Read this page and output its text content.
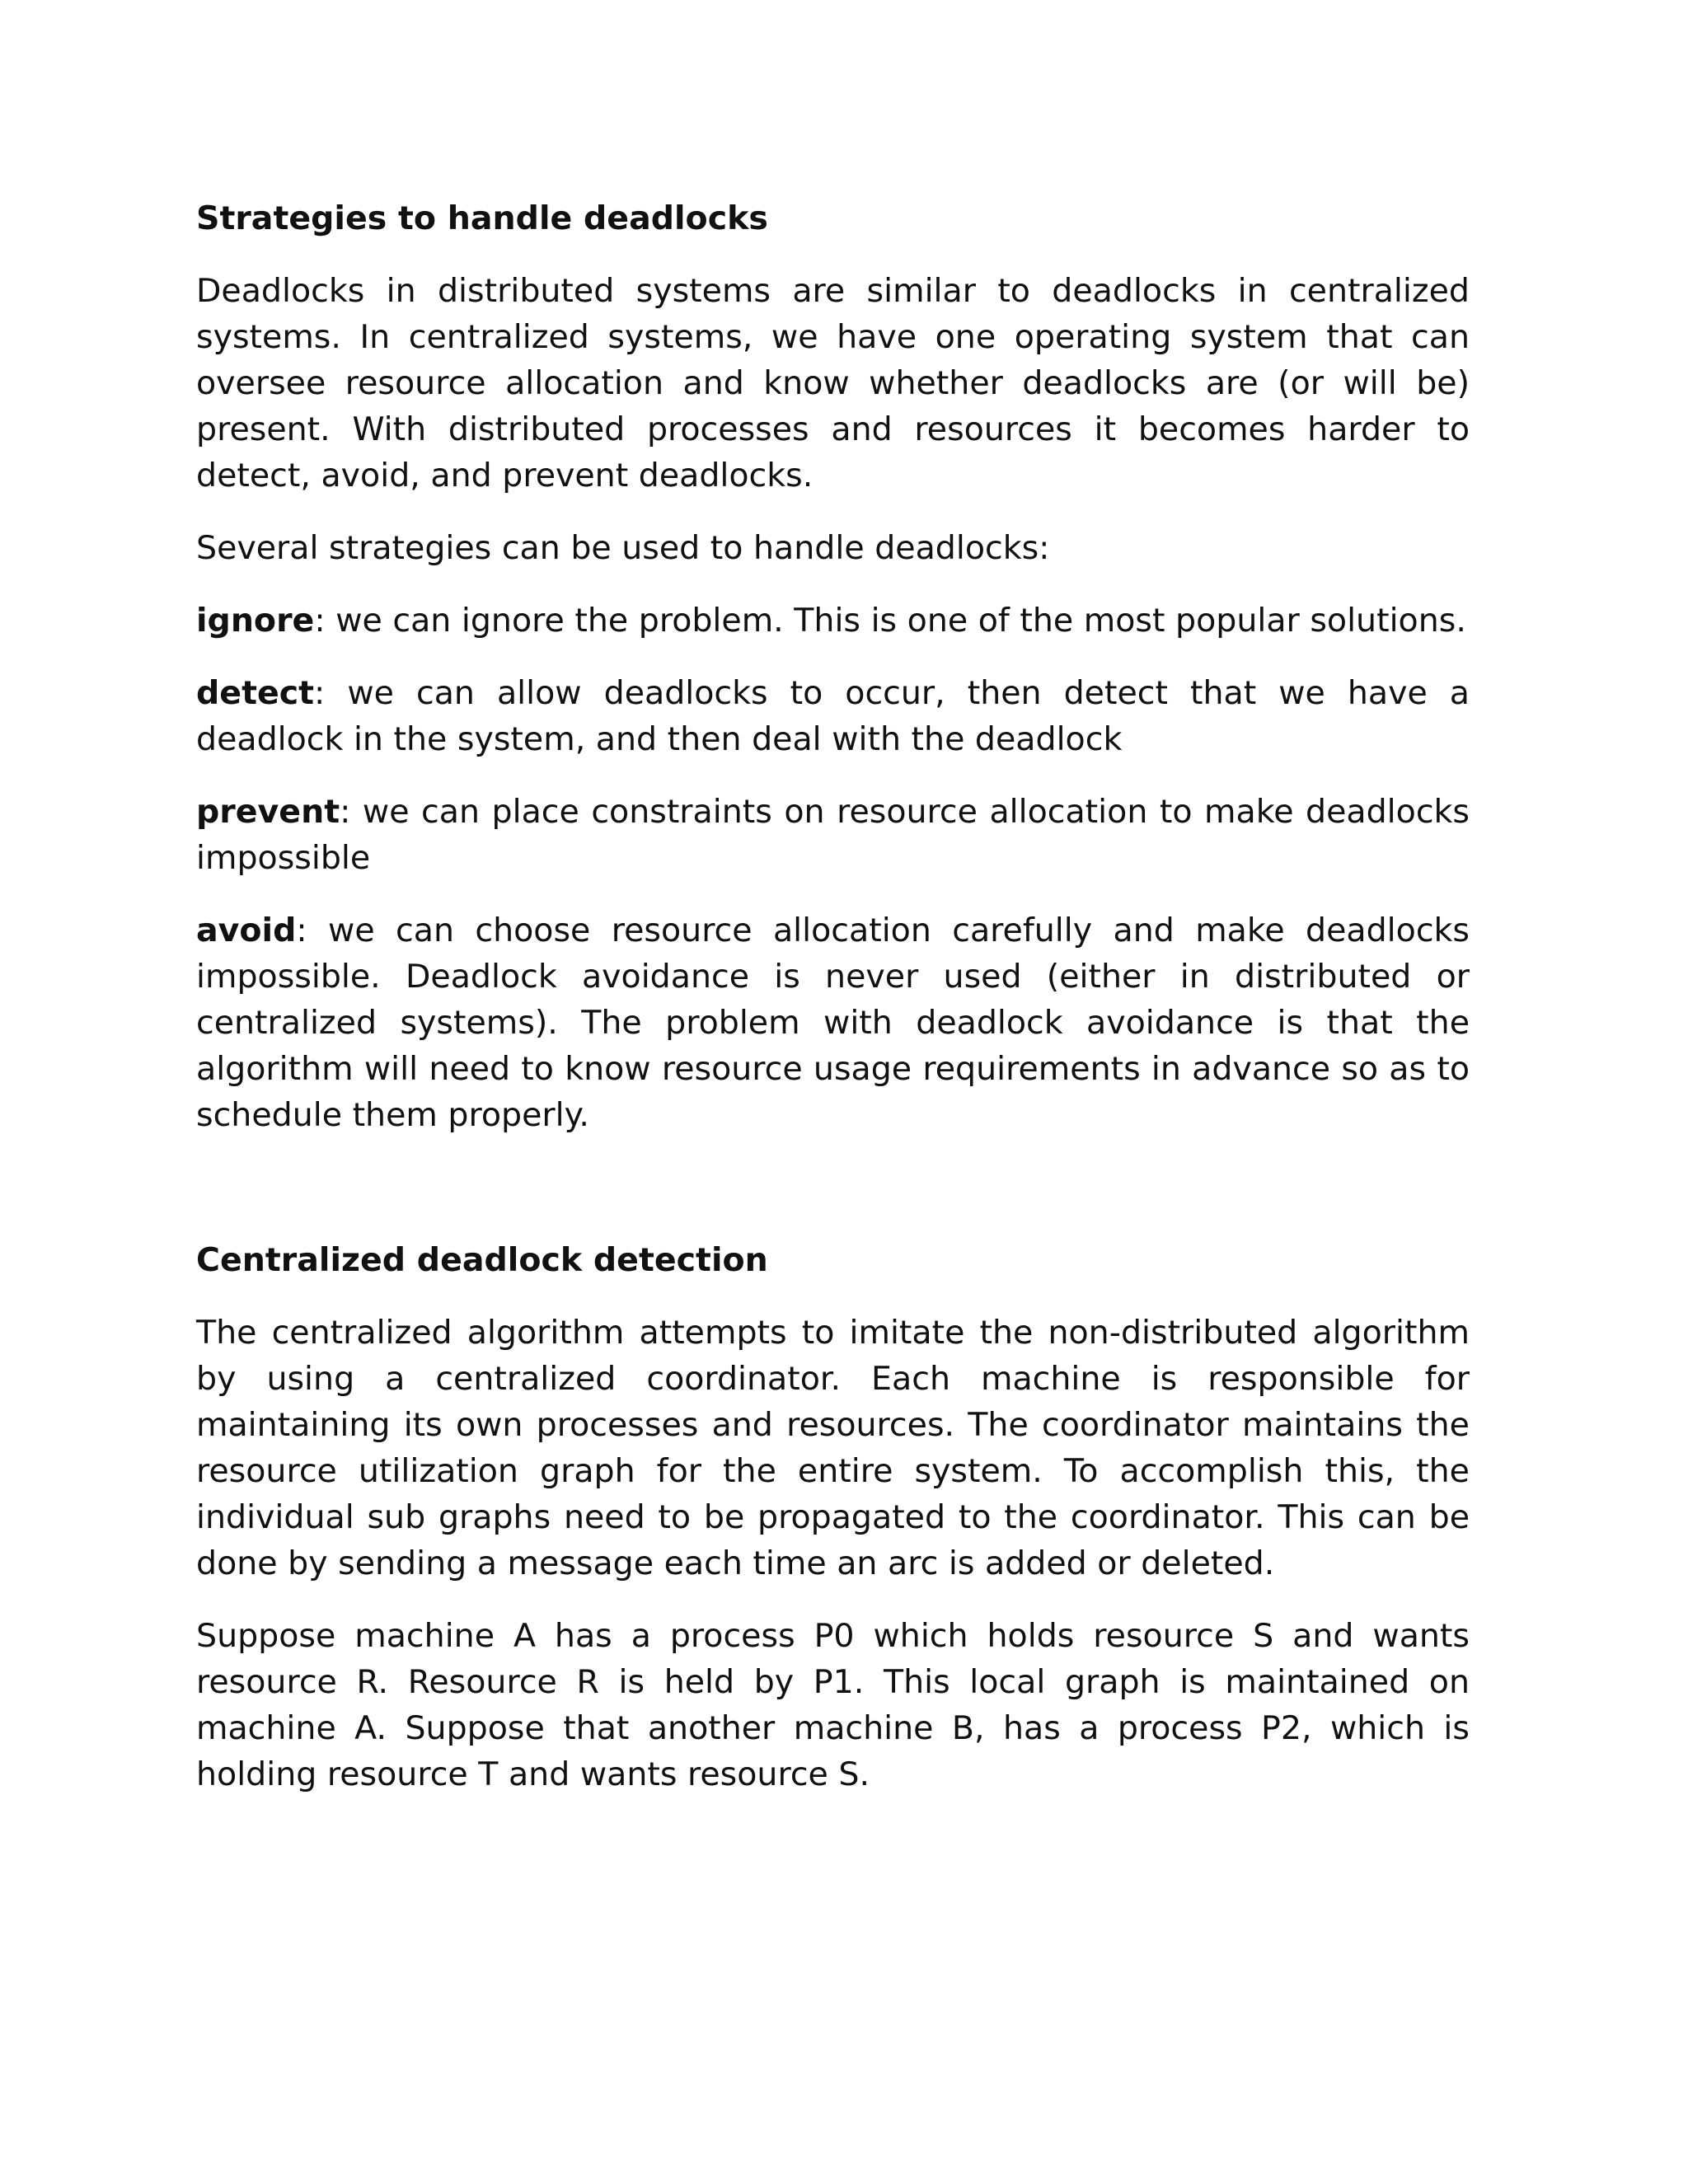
Strategies to handle deadlocks

Deadlocks in distributed systems are similar to deadlocks in centralized systems. In centralized systems, we have one operating system that can oversee resource allocation and know whether deadlocks are (or will be) present. With distributed processes and resources it becomes harder to detect, avoid, and prevent deadlocks.

Several strategies can be used to handle deadlocks:

ignore: we can ignore the problem. This is one of the most popular solutions.

detect: we can allow deadlocks to occur, then detect that we have a deadlock in the system, and then deal with the deadlock

prevent: we can place constraints on resource allocation to make deadlocks impossible

avoid: we can choose resource allocation carefully and make deadlocks impossible. Deadlock avoidance is never used (either in distributed or centralized systems). The problem with deadlock avoidance is that the algorithm will need to know resource usage requirements in advance so as to schedule them properly.

Centralized deadlock detection

The centralized algorithm attempts to imitate the non-distributed algorithm by using a centralized coordinator. Each machine is responsible for maintaining its own processes and resources. The coordinator maintains the resource utilization graph for the entire system. To accomplish this, the individual sub graphs need to be propagated to the coordinator. This can be done by sending a message each time an arc is added or deleted.

Suppose machine A has a process P0 which holds resource S and wants resource R. Resource R is held by P1. This local graph is maintained on machine A. Suppose that another machine B, has a process P2, which is holding resource T and wants resource S.
